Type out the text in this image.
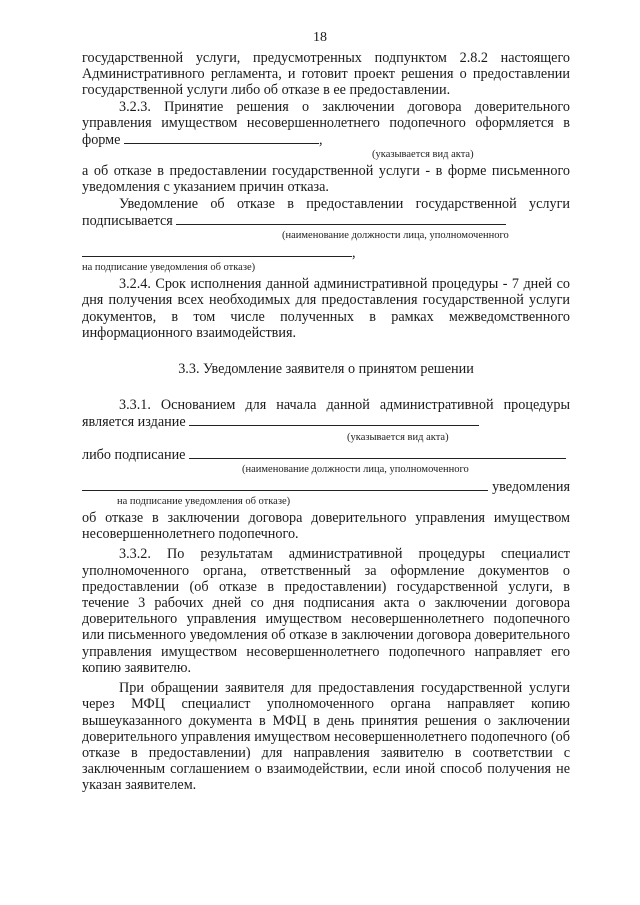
18

государственной услуги, предусмотренных подпунктом 2.8.2 настоящего Административного регламента, и готовит проект решения о предоставлении государственной услуги либо об отказе в ее предоставлении.

3.2.3. Принятие решения о заключении договора доверительного управления имуществом несовершеннолетнего подопечного оформляется в форме	,

(указывается вид акта)

а об отказе в предоставлении государственной услуги - в форме письменного уведомления с указанием причин отказа.

Уведомление об отказе в предоставлении государственной услуги подписывается

(наименование должности лица, уполномоченного
,
на подписание уведомления об отказе)

3.2.4. Срок исполнения данной административной процедуры - 7 дней со дня получения всех необходимых для предоставления государственной услуги документов, в том числе полученных в рамках межведомственного информационного взаимодействия.

3.3. Уведомление заявителя о принятом решении

3.3.1. Основанием для начала данной административной процедуры является издание

(указывается вид акта)
либо подписание
(наименование должности лица, уполномоченного
уведомления
на подписание уведомления об отказе)

об отказе в заключении договора доверительного управления имуществом несовершеннолетнего подопечного.

3.3.2. По результатам административной процедуры специалист уполномоченного органа, ответственный за оформление документов о предоставлении (об отказе в предоставлении) государственной услуги, в течение 3 рабочих дней со дня подписания акта о заключении договора доверительного управления имуществом несовершеннолетнего подопечного или письменного уведомления об отказе в заключении договора доверительного управления имуществом несовершеннолетнего подопечного направляет его копию заявителю.

При обращении заявителя для предоставления государственной услуги через МФЦ специалист уполномоченного органа направляет копию вышеуказанного документа в МФЦ в день принятия решения о заключении доверительного управления имуществом несовершеннолетнего подопечного (об отказе в предоставлении) для направления заявителю в соответствии с заключенным соглашением о взаимодействии, если иной способ получения не указан заявителем.
